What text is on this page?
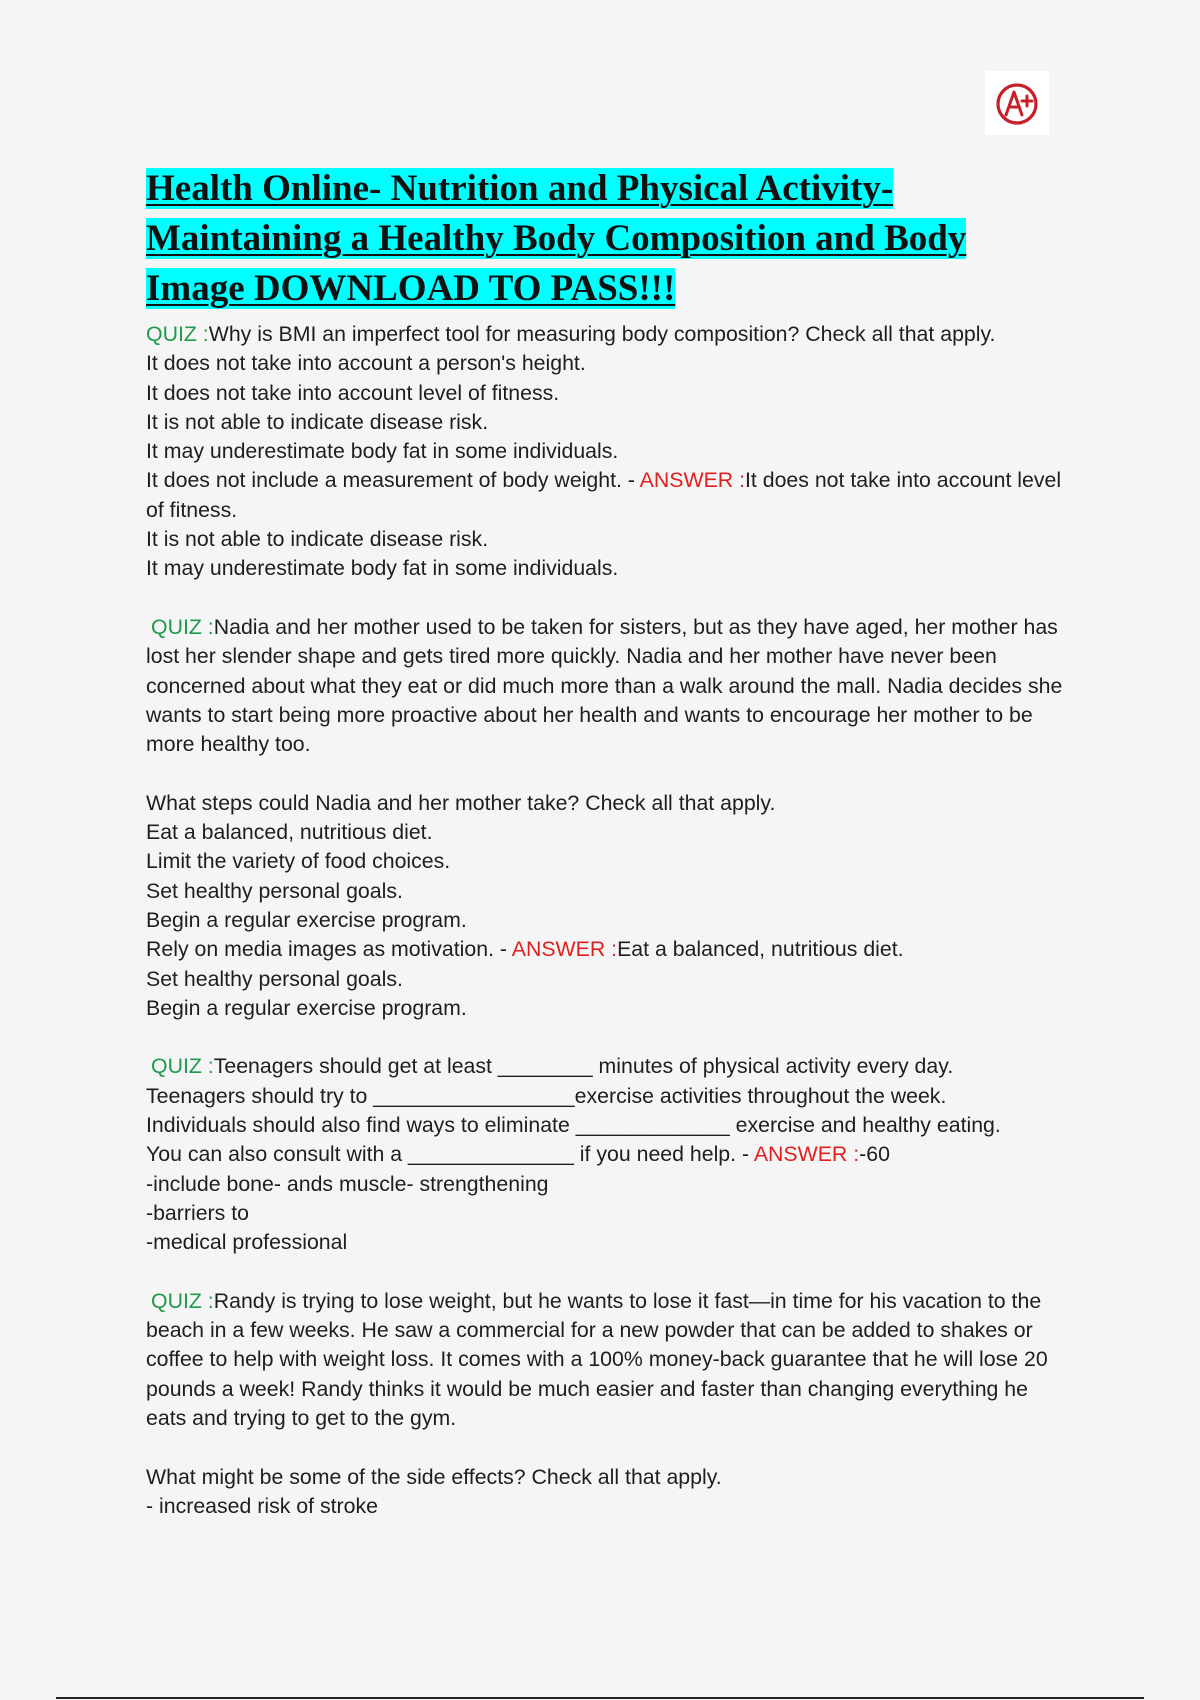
Health Online- Nutrition and Physical Activity- Maintaining a Healthy Body Composition and Body Image DOWNLOAD TO PASS!!!
QUIZ :Why is BMI an imperfect tool for measuring body composition? Check all that apply.
It does not take into account a person's height.
It does not take into account level of fitness.
It is not able to indicate disease risk.
It may underestimate body fat in some individuals.
It does not include a measurement of body weight. - ANSWER :It does not take into account level of fitness.
It is not able to indicate disease risk.
It may underestimate body fat in some individuals.
QUIZ :Nadia and her mother used to be taken for sisters, but as they have aged, her mother has lost her slender shape and gets tired more quickly. Nadia and her mother have never been concerned about what they eat or did much more than a walk around the mall. Nadia decides she wants to start being more proactive about her health and wants to encourage her mother to be more healthy too.
What steps could Nadia and her mother take? Check all that apply.
Eat a balanced, nutritious diet.
Limit the variety of food choices.
Set healthy personal goals.
Begin a regular exercise program.
Rely on media images as motivation. - ANSWER :Eat a balanced, nutritious diet.
Set healthy personal goals.
Begin a regular exercise program.
QUIZ :Teenagers should get at least ________ minutes of physical activity every day.
Teenagers should try to _________________exercise activities throughout the week.
Individuals should also find ways to eliminate _____________ exercise and healthy eating.
You can also consult with a ______________ if you need help. - ANSWER :-60
-include bone- ands muscle- strengthening
-barriers to
-medical professional
QUIZ :Randy is trying to lose weight, but he wants to lose it fast—in time for his vacation to the beach in a few weeks. He saw a commercial for a new powder that can be added to shakes or coffee to help with weight loss. It comes with a 100% money-back guarantee that he will lose 20 pounds a week! Randy thinks it would be much easier and faster than changing everything he eats and trying to get to the gym.
What might be some of the side effects? Check all that apply.
- increased risk of stroke
